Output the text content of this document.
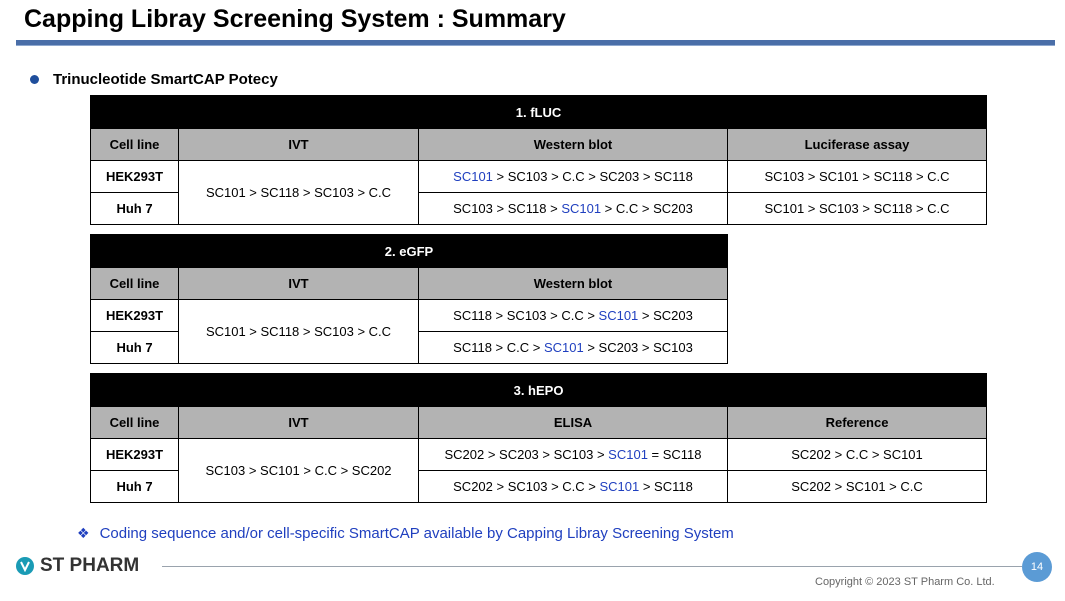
Capping Libray Screening System : Summary
Trinucleotide SmartCAP Potecy
1. fLUC			
Cell line	IVT	Western blot	Luciferase assay
HEK293T	SC101 > SC118 > SC103 > C.C	SC101 > SC103 > C.C > SC203 > SC118	SC103 > SC101 > SC118 > C.C
Huh 7		SC103 > SC118 > SC101 > C.C > SC203	SC101 > SC103 > SC118 > C.C
2. eGFP		
Cell line	IVT	Western blot
HEK293T	SC101 > SC118 > SC103 > C.C	SC118 > SC103 > C.C > SC101 > SC203
Huh 7		SC118 > C.C > SC101 > SC203 > SC103
3. hEPO			
Cell line	IVT	ELISA	Reference
HEK293T	SC103 > SC101 > C.C > SC202	SC202 > SC203 > SC103 > SC101 = SC118	SC202 > C.C > SC101
Huh 7		SC202 > SC103 > C.C > SC101 > SC118	SC202 > SC101 > C.C
❖ Coding sequence and/or cell-specific SmartCAP available by Capping Libray Screening System
ST PHARM	14
Copyright © 2023 ST Pharm Co. Ltd.
